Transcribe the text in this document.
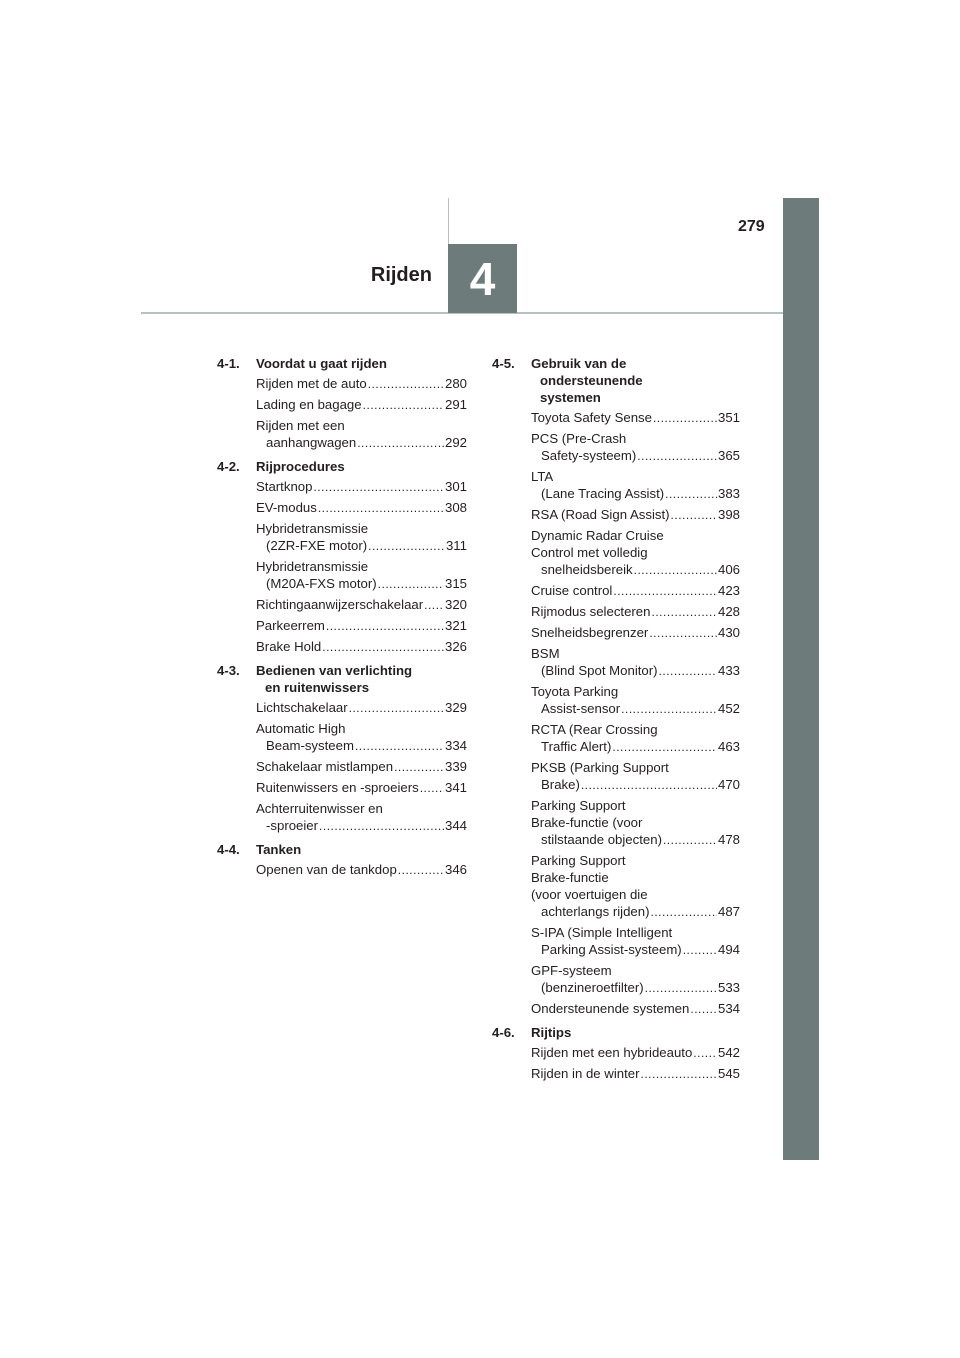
4
Rijden
279
4-1.	Voordat u gaat rijden
Rijden met de auto .....	280
Lading en bagage .....	291
Rijden met een
aanhangwagen .....	292
4-2.	Rijprocedures
Startknop .....	301
EV-modus .....	308
Hybridetransmissie
(2ZR-FXE motor) .....	311
Hybridetransmissie
(M20A-FXS motor) .....	315
Richtingaanwijzerschakelaar ..... 320
Parkeerrem .....	321
Brake Hold .....	326
4-3.	Bedienen van verlichting
en ruitenwissers
Lichtschakelaar .....	329
Automatic High
Beam-systeem .....	334
Schakelaar mistlampen .....	339
Ruitenwissers en -sproeiers ..... 341
Achterruitenwisser en
-sproeier .....	344
4-4.	Tanken
Openen van de tankdop .....	346
4-5.	Gebruik van de
ondersteunende
systemen
Toyota Safety Sense .....	351
PCS (Pre-Crash
Safety-systeem) .....	365
LTA
(Lane Tracing Assist) .....	383
RSA (Road Sign Assist) .....	398
Dynamic Radar Cruise
Control met volledig
snelheidsbereik .....	406
Cruise control .....	423
Rijmodus selecteren .....	428
Snelheidsbegrenzer .....	430
BSM
(Blind Spot Monitor) .....	433
Toyota Parking
Assist-sensor .....	452
RCTA (Rear Crossing
Traffic Alert) .....	463
PKSB (Parking Support
Brake) .....	470
Parking Support
Brake-functie (voor
stilstaande objecten) .....	478
Parking Support
Brake-functie
(voor voertuigen die
achterlangs rijden) .....	487
S-IPA (Simple Intelligent
Parking Assist-systeem) .....	494
GPF-systeem
(benzineroetfilter) .....	533
Ondersteunende systemen ..... 534
4-6.	Rijtips
Rijden met een hybrideauto ..... 542
Rijden in de winter .....	545
